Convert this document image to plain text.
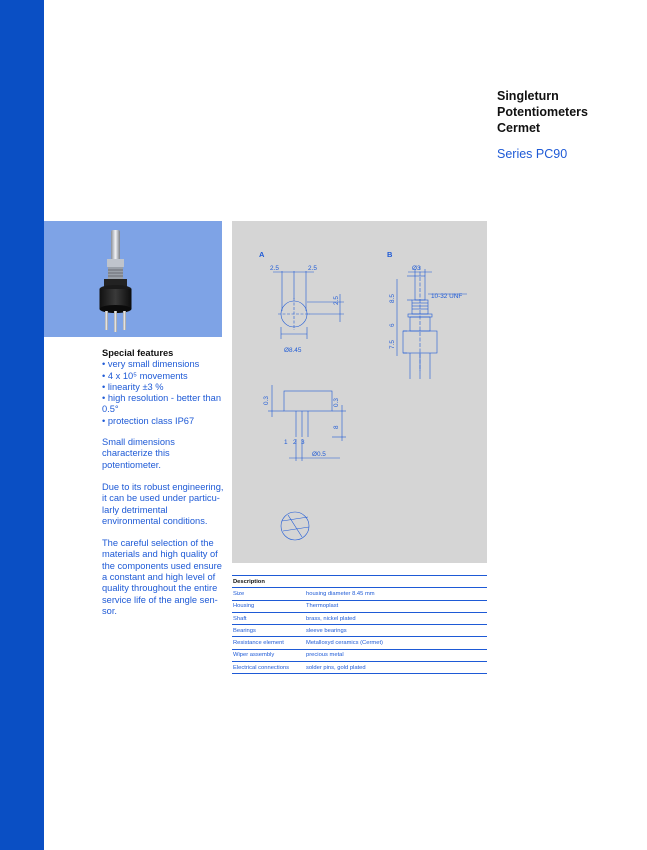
Singleturn
Potentiometers
Cermet
Series PC90
Special features
• very small dimensions
• 4 x 10⁵ movements
• linearity ±3 %
• high resolution - better than 0.5°
• protection class IP67

Small dimensions characterize this potentiometer.

Due to its robust engineering, it can be used under particu-larly detrimental environmental conditions.

The careful selection of the materials and high quality of the components used ensure a constant and high level of quality throughout the entire service life of the angle sen-sor.

A	B
2.5	2.5
2.5
Ø8.45
Ø3
10-32 UNF
8.5
6
7.5
0.3	0.3
8
Ø0.5
1 2 3
Description
Size	housing diameter 8.45 mm
Housing	Thermoplast
Shaft	brass, nickel plated
Bearings	sleeve bearings
Resistance element	Metalloxyd ceramics (Cermet)
Wiper assembly	precious metal
Electrical connections	solder pins, gold plated
